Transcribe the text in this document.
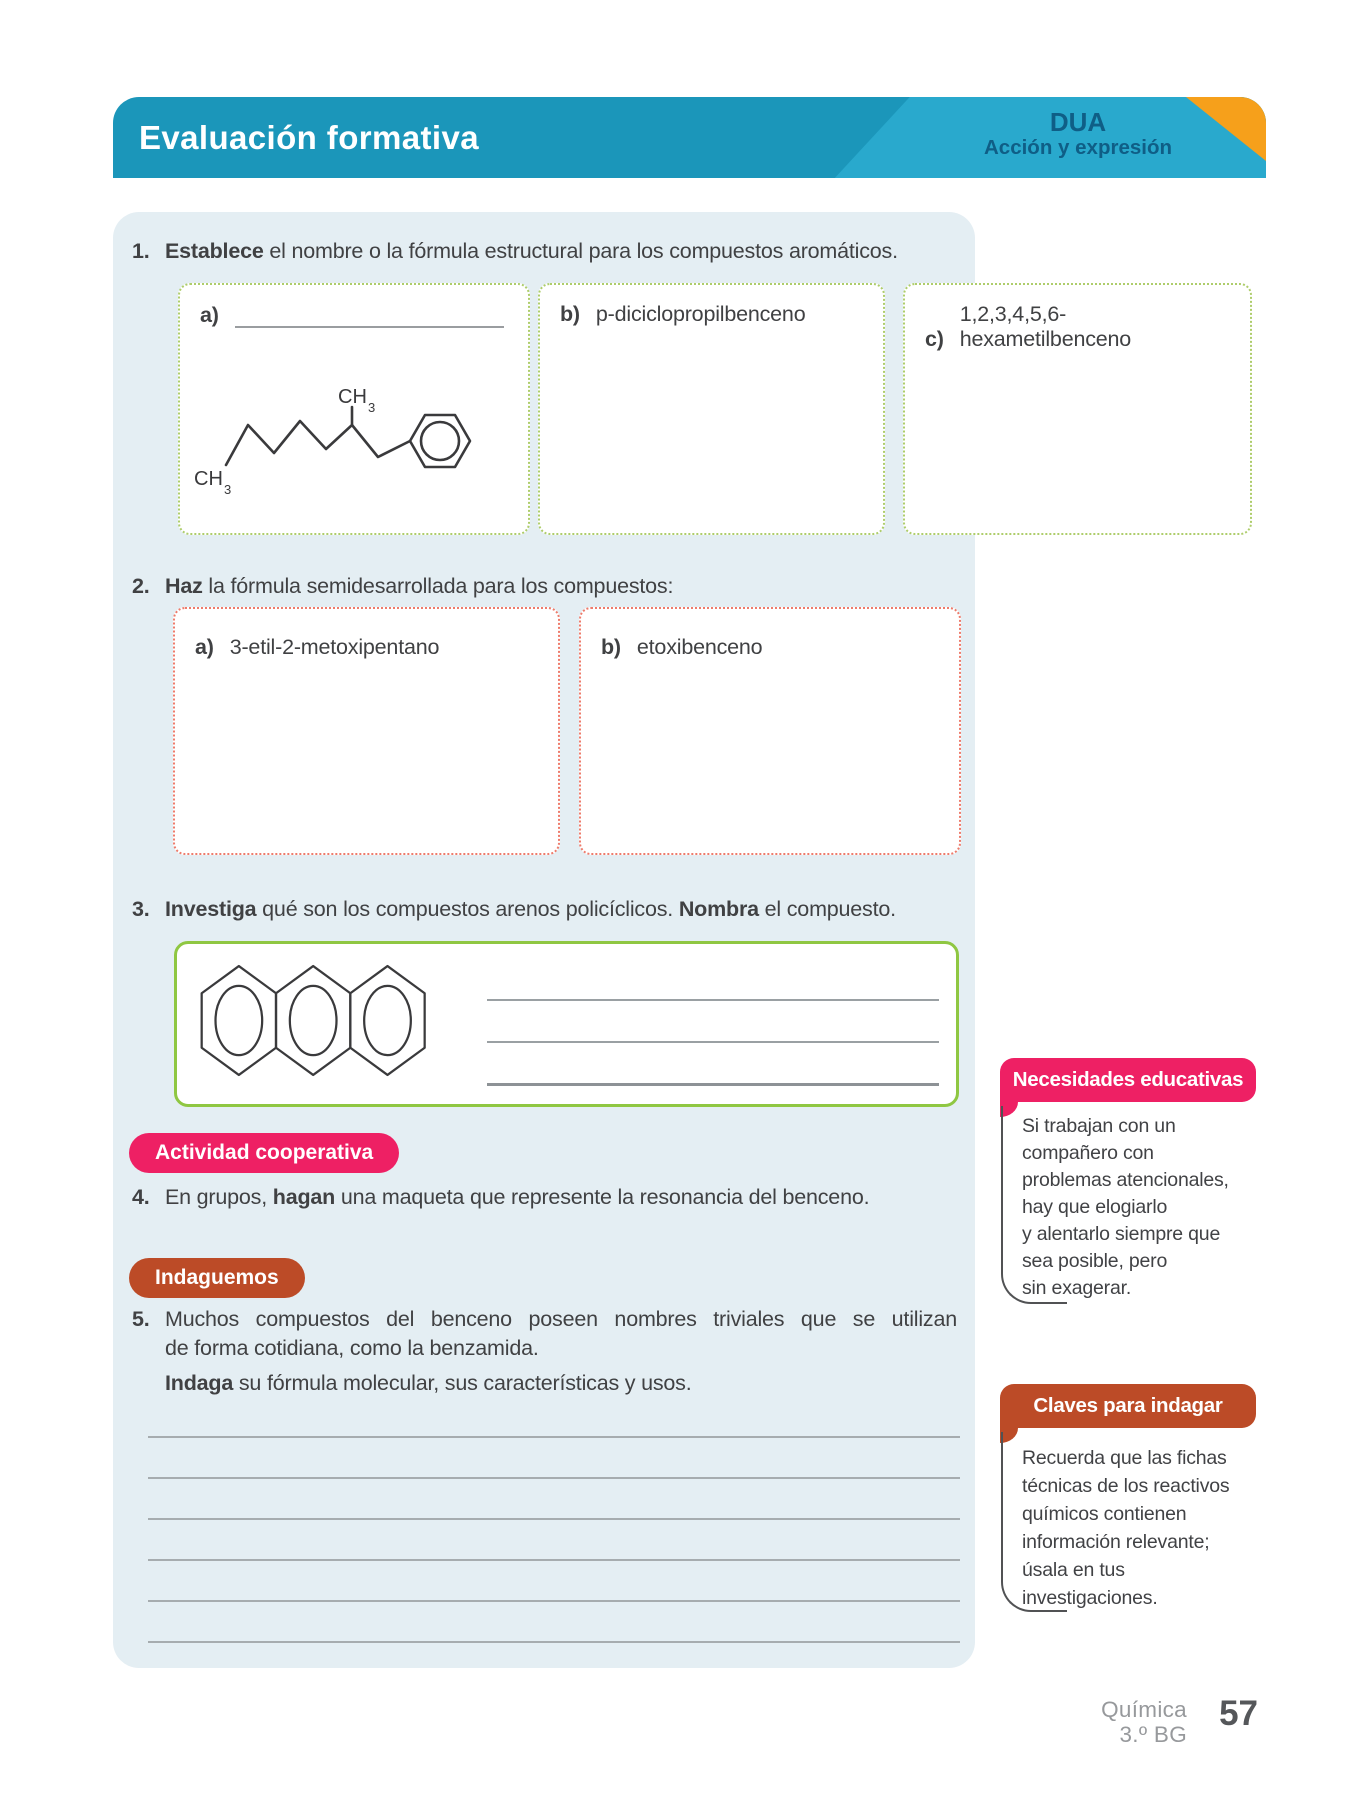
Evaluación formativa	DUA
Acción y expresión
1. Establece el nombre o la fórmula estructural para los compuestos aromáticos.

a)
CH 3
CH 3
b) p-diciclopropilbenceno
c)
1,2,3,4,5,6-hexametilbenceno
2. Haz la fórmula semidesarrollada para los compuestos:

a) 3-etil-2-metoxipentano	b) etoxibenceno
3. Investiga qué son los compuestos arenos policíclicos. Nombra el compuesto.

Actividad cooperativa
4. En grupos, hagan una maqueta que represente la resonancia del benceno.

Indaguemos
5. Muchos compuestos del benceno poseen nombres triviales que se utilizan
de forma cotidiana, como la benzamida.

Indaga su fórmula molecular, sus características y usos.

Necesidades educativas
Si trabajan con un
compañero con
problemas atencionales,
hay que elogiarlo
y alentarlo siempre que
sea posible, pero
sin exagerar.
Claves para indagar
Recuerda que las fichas
técnicas de los reactivos
químicos contienen
información relevante;
úsala en tus
investigaciones.
Química
3.º BG
57
